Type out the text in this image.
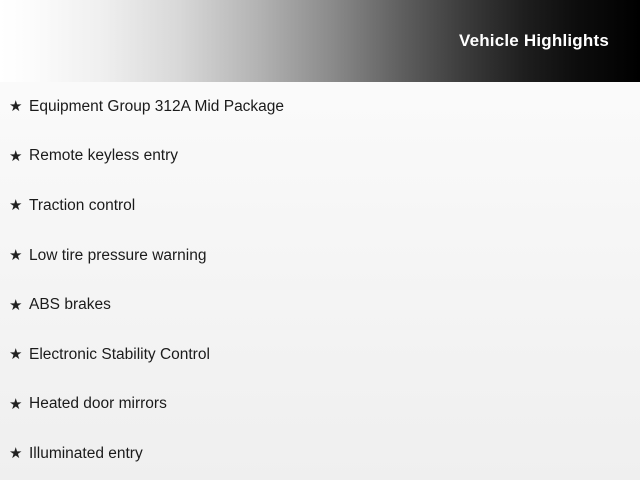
Vehicle Highlights
★ Equipment Group 312A Mid Package
★ Remote keyless entry
★ Traction control
★ Low tire pressure warning
★ ABS brakes
★ Electronic Stability Control
★ Heated door mirrors
★ Illuminated entry
